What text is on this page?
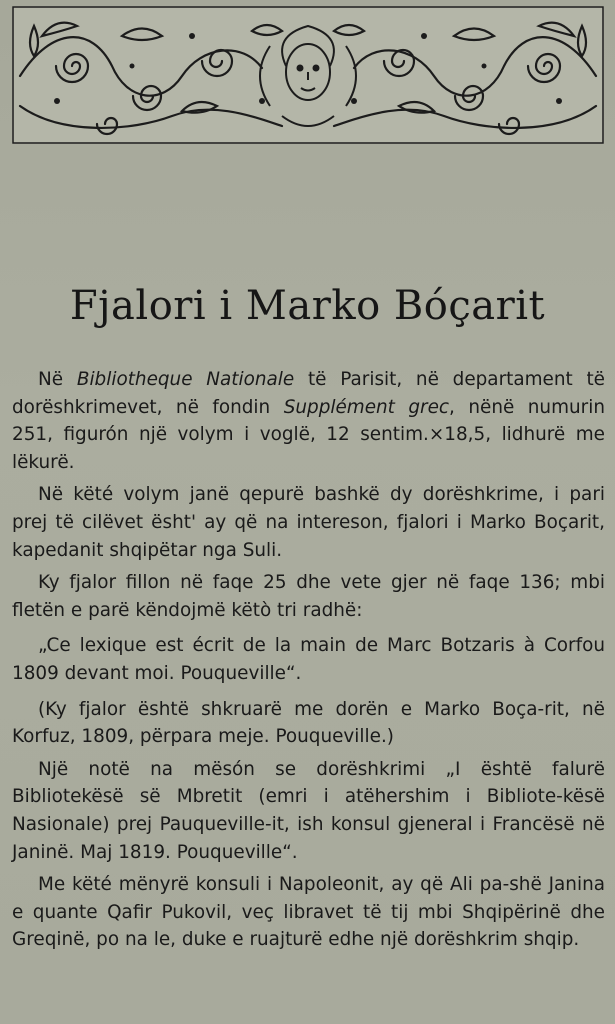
Fjalori i Marko Bóçarit

Në Bibliotheque Nationale të Parisit, në departament të dorëshkrimevet, në fondin Supplément grec, nënë numurin 251, figurón një volym i voglë, 12 sentim.×18,5, lidhurë me lëkurë.

Në këté volym janë qepurë bashkë dy dorëshkrime, i pari prej të cilëvet ësht' ay që na intereson, fjalori i Marko Boçarit, kapedanit shqipëtar nga Suli.

Ky fjalor fillon në faqe 25 dhe vete gjer në faqe 136; mbi fletën e parë këndojmë këtò tri radhë:

„Ce lexique est écrit de la main de Marc Botzaris à Corfou 1809 devant moi. Pouqueville“.

(Ky fjalor është shkruarë me dorën e Marko Boça-rit, në Korfuz, 1809, përpara meje. Pouqueville.)

Një notë na mësón se dorëshkrimi „I është falurë Bibliotekësë së Mbretit (emri i atëhershim i Bibliote-kësë Nasionale) prej Pauqueville-it, ish konsul gjeneral i Francësë në Janinë. Maj 1819. Pouqueville“.

Me këté mënyrë konsuli i Napoleonit, ay që Ali pa-shë Janina e quante Qafir Pukovil, veç libravet të tij mbi Shqipërinë dhe Greqinë, po na le, duke e ruajturë edhe një dorëshkrim shqip.
